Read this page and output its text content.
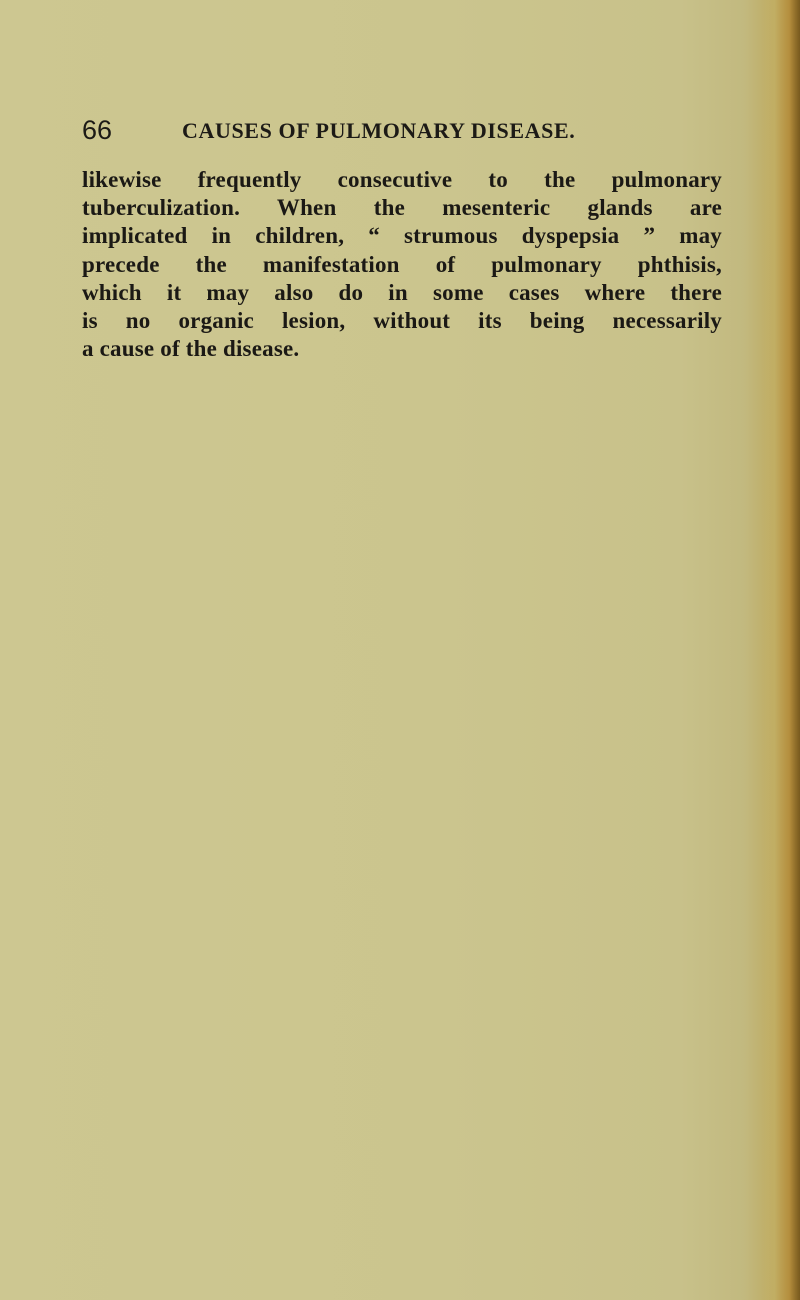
66	CAUSES OF PULMONARY DISEASE.
likewise frequently consecutive to the pulmonary
tuberculization. When the mesenteric glands are
implicated in children, “ strumous dyspepsia ” may
precede the manifestation of pulmonary phthisis,
which it may also do in some cases where there
is no organic lesion, without its being necessarily
a cause of the disease.
